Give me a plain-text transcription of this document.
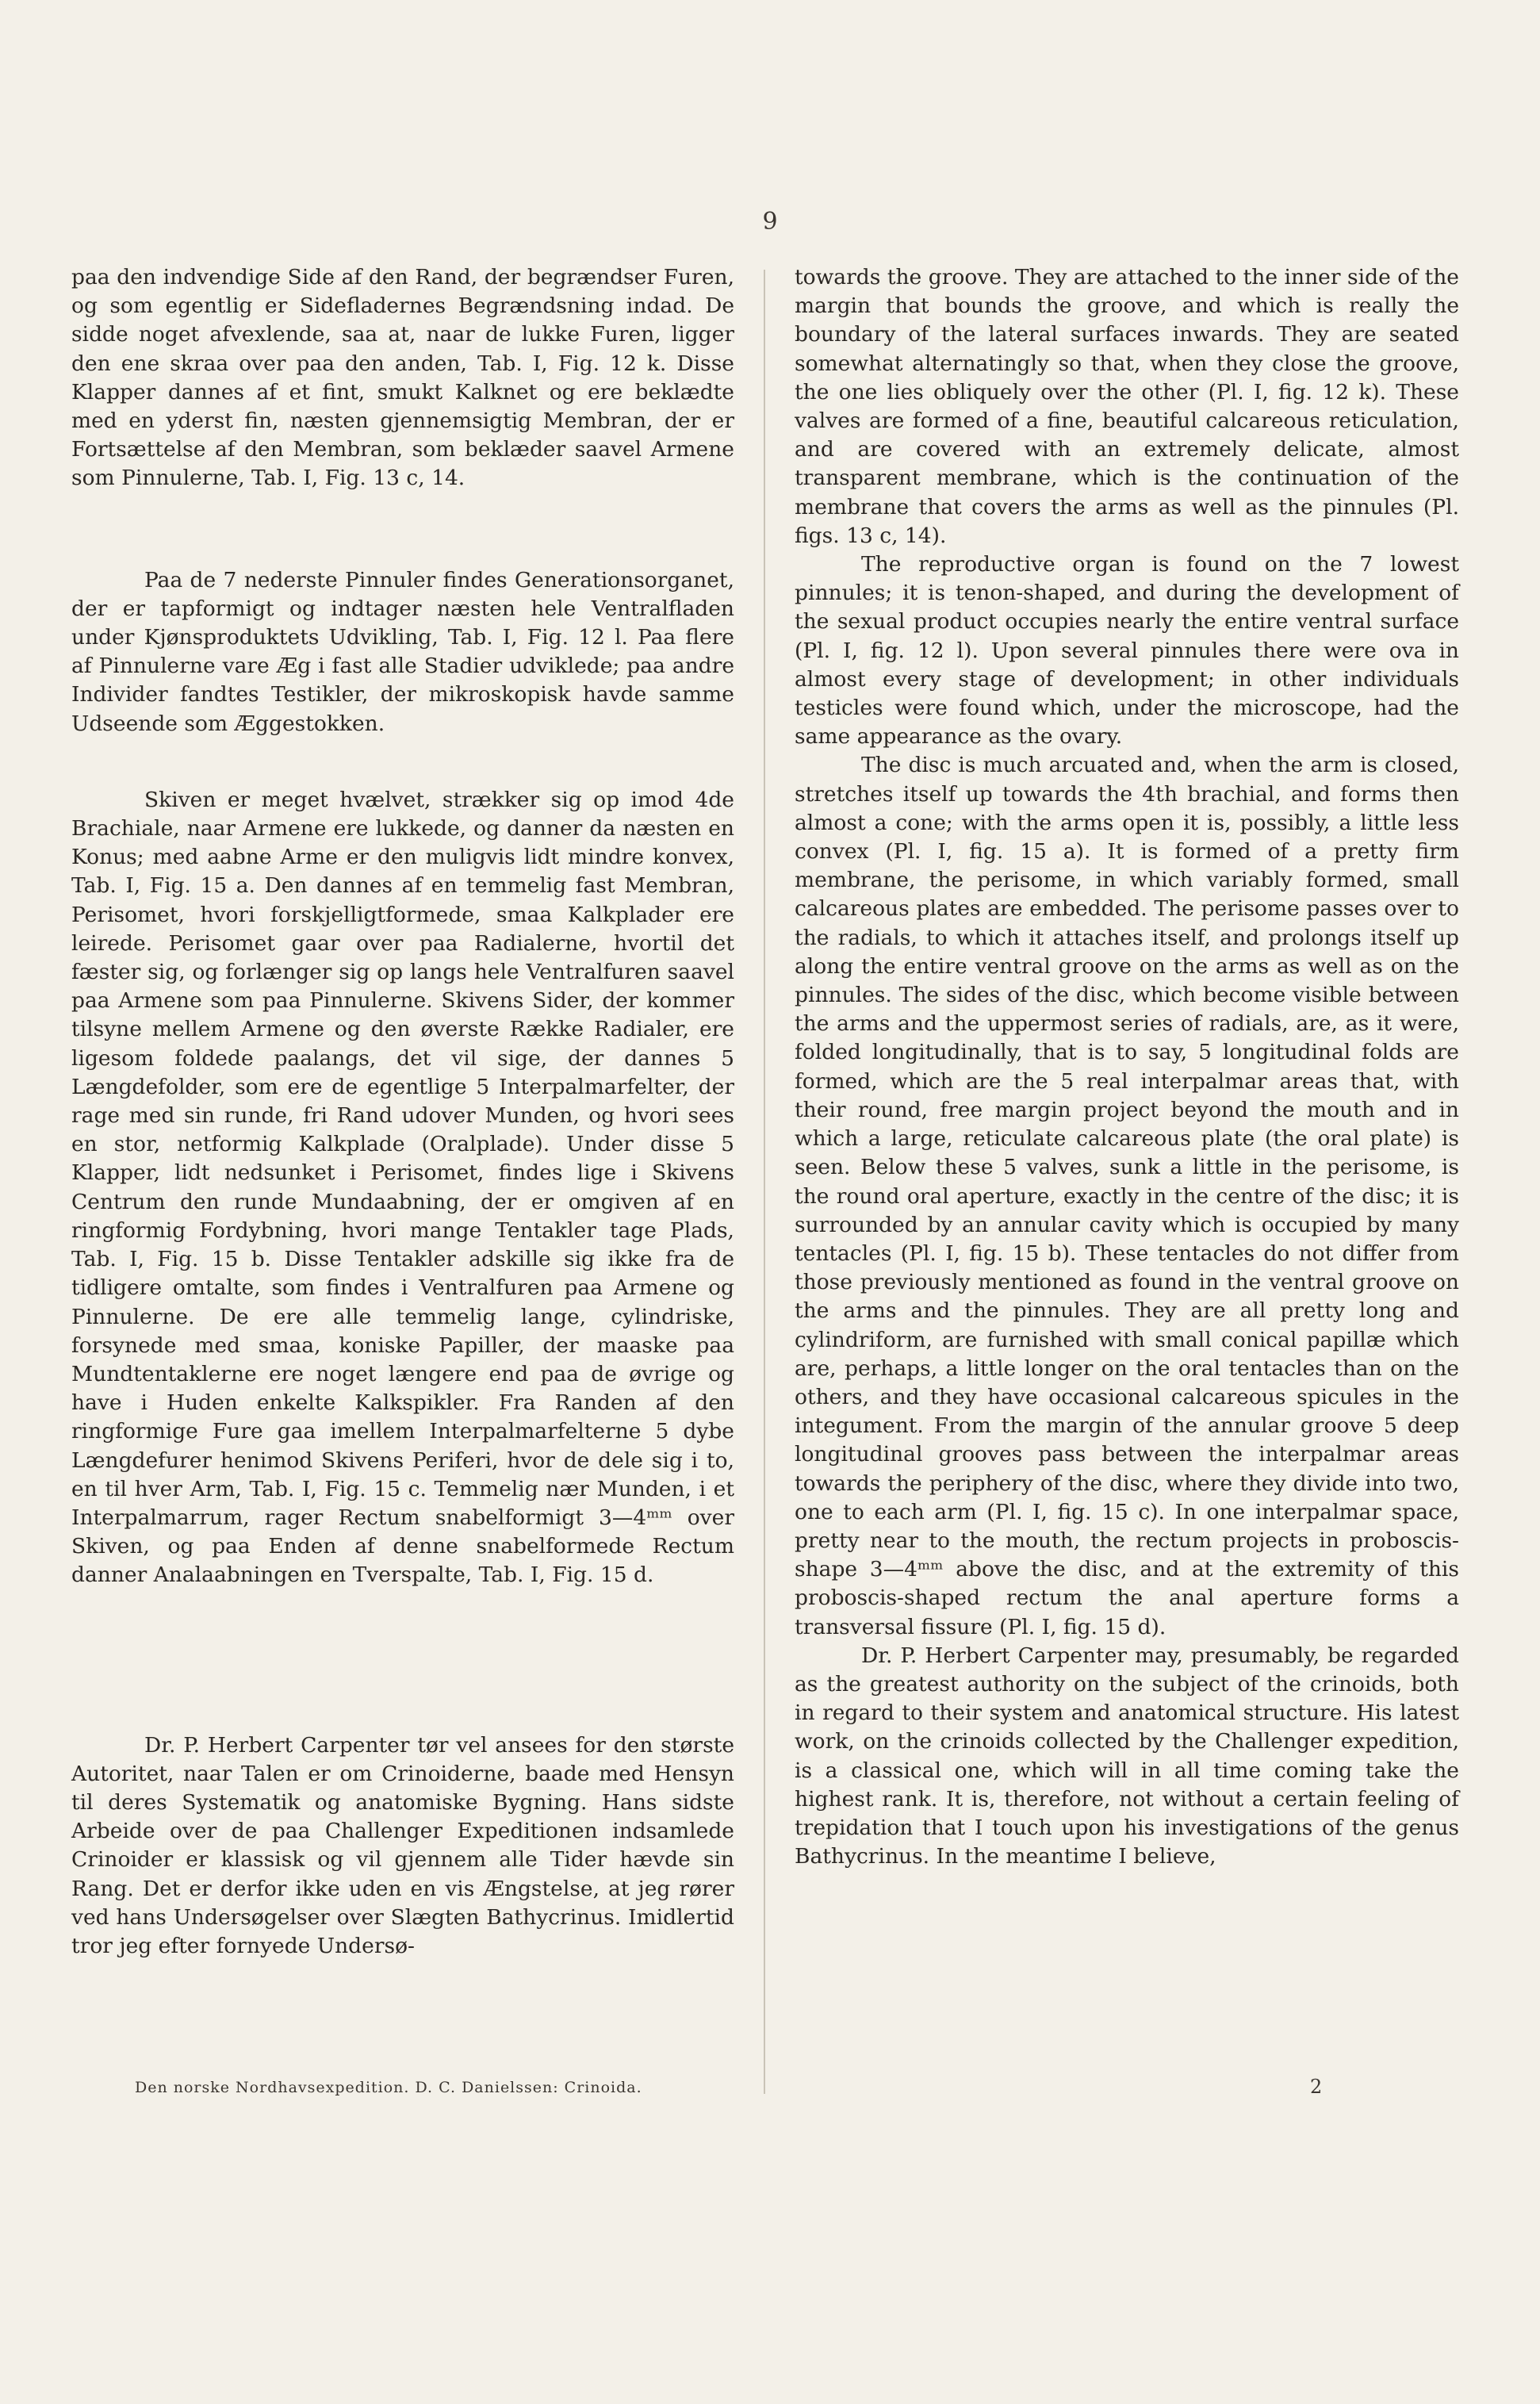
9

paa den indvendige Side af den Rand, der begrændser Furen, og som egentlig er Sidefladernes Begrændsning indad. De sidde noget afvexlende, saa at, naar de lukke Furen, ligger den ene skraa over paa den anden, Tab. I, Fig. 12 k. Disse Klapper dannes af et fint, smukt Kalknet og ere beklædte med en yderst fin, næsten gjennemsigtig Membran, der er Fortsættelse af den Membran, som beklæder saavel Armene som Pinnulerne, Tab. I, Fig. 13 c, 14.

Paa de 7 nederste Pinnuler findes Generationsorganet, der er tapformigt og indtager næsten hele Ventralfladen under Kjønsproduktets Udvikling, Tab. I, Fig. 12 l. Paa flere af Pinnulerne vare Æg i fast alle Stadier udviklede; paa andre Individer fandtes Testikler, der mikroskopisk havde samme Udseende som Æggestokken.

Skiven er meget hvælvet, strækker sig op imod 4de Brachiale, naar Armene ere lukkede, og danner da næsten en Konus; med aabne Arme er den muligvis lidt mindre konvex, Tab. I, Fig. 15 a. Den dannes af en temmelig fast Membran, Perisomet, hvori forskjelligtformede, smaa Kalkplader ere leirede. Perisomet gaar over paa Radialerne, hvortil det fæster sig, og forlænger sig op langs hele Ventralfuren saavel paa Armene som paa Pinnulerne. Skivens Sider, der kommer tilsyne mellem Armene og den øverste Række Radialer, ere ligesom foldede paalangs, det vil sige, der dannes 5 Længdefolder, som ere de egentlige 5 Interpalmarfelter, der rage med sin runde, fri Rand udover Munden, og hvori sees en stor, netformig Kalkplade (Oralplade). Under disse 5 Klapper, lidt nedsunket i Perisomet, findes lige i Skivens Centrum den runde Mundaabning, der er omgiven af en ringformig Fordybning, hvori mange Tentakler tage Plads, Tab. I, Fig. 15 b. Disse Tentakler adskille sig ikke fra de tidligere omtalte, som findes i Ventralfuren paa Armene og Pinnulerne. De ere alle temmelig lange, cylindriske, forsynede med smaa, koniske Papiller, der maaske paa Mundtentaklerne ere noget længere end paa de øvrige og have i Huden enkelte Kalkspikler. Fra Randen af den ringformige Fure gaa imellem Interpalmarfelterne 5 dybe Længdefurer henimod Skivens Periferi, hvor de dele sig i to, en til hver Arm, Tab. I, Fig. 15 c. Temmelig nær Munden, i et Interpalmarrum, rager Rectum snabelformigt 3—4ᵐᵐ over Skiven, og paa Enden af denne snabelformede Rectum danner Analaabningen en Tverspalte, Tab. I, Fig. 15 d.

Dr. P. Herbert Carpenter tør vel ansees for den største Autoritet, naar Talen er om Crinoiderne, baade med Hensyn til deres Systematik og anatomiske Bygning. Hans sidste Arbeide over de paa Challenger Expeditionen indsamlede Crinoider er klassisk og vil gjennem alle Tider hævde sin Rang. Det er derfor ikke uden en vis Ængstelse, at jeg rører ved hans Undersøgelser over Slægten Bathycrinus. Imidlertid tror jeg efter fornyede Undersø-

towards the groove. They are attached to the inner side of the margin that bounds the groove, and which is really the boundary of the lateral surfaces inwards. They are seated somewhat alternatingly so that, when they close the groove, the one lies obliquely over the other (Pl. I, fig. 12 k). These valves are formed of a fine, beautiful calcareous reticulation, and are covered with an extremely delicate, almost transparent membrane, which is the continuation of the membrane that covers the arms as well as the pinnules (Pl. figs. 13 c, 14).

The reproductive organ is found on the 7 lowest pinnules; it is tenon-shaped, and during the development of the sexual product occupies nearly the entire ventral surface (Pl. I, fig. 12 l). Upon several pinnules there were ova in almost every stage of development; in other individuals testicles were found which, under the microscope, had the same appearance as the ovary.

The disc is much arcuated and, when the arm is closed, stretches itself up towards the 4th brachial, and forms then almost a cone; with the arms open it is, possibly, a little less convex (Pl. I, fig. 15 a). It is formed of a pretty firm membrane, the perisome, in which variably formed, small calcareous plates are embedded. The perisome passes over to the radials, to which it attaches itself, and prolongs itself up along the entire ventral groove on the arms as well as on the pinnules. The sides of the disc, which become visible between the arms and the uppermost series of radials, are, as it were, folded longitudinally, that is to say, 5 longitudinal folds are formed, which are the 5 real interpalmar areas that, with their round, free margin project beyond the mouth and in which a large, reticulate calcareous plate (the oral plate) is seen. Below these 5 valves, sunk a little in the perisome, is the round oral aperture, exactly in the centre of the disc; it is surrounded by an annular cavity which is occupied by many tentacles (Pl. I, fig. 15 b). These tentacles do not differ from those previously mentioned as found in the ventral groove on the arms and the pinnules. They are all pretty long and cylindriform, are furnished with small conical papillæ which are, perhaps, a little longer on the oral tentacles than on the others, and they have occasional calcareous spicules in the integument. From the margin of the annular groove 5 deep longitudinal grooves pass between the interpalmar areas towards the periphery of the disc, where they divide into two, one to each arm (Pl. I, fig. 15 c). In one interpalmar space, pretty near to the mouth, the rectum projects in proboscis-shape 3—4ᵐᵐ above the disc, and at the extremity of this proboscis-shaped rectum the anal aperture forms a transversal fissure (Pl. I, fig. 15 d).

Dr. P. Herbert Carpenter may, presumably, be regarded as the greatest authority on the subject of the crinoids, both in regard to their system and anatomical structure. His latest work, on the crinoids collected by the Challenger expedition, is a classical one, which will in all time coming take the highest rank. It is, therefore, not without a certain feeling of trepidation that I touch upon his investigations of the genus Bathycrinus. In the meantime I believe,

Den norske Nordhavsexpedition. D. C. Danielssen: Crinoida.	2
